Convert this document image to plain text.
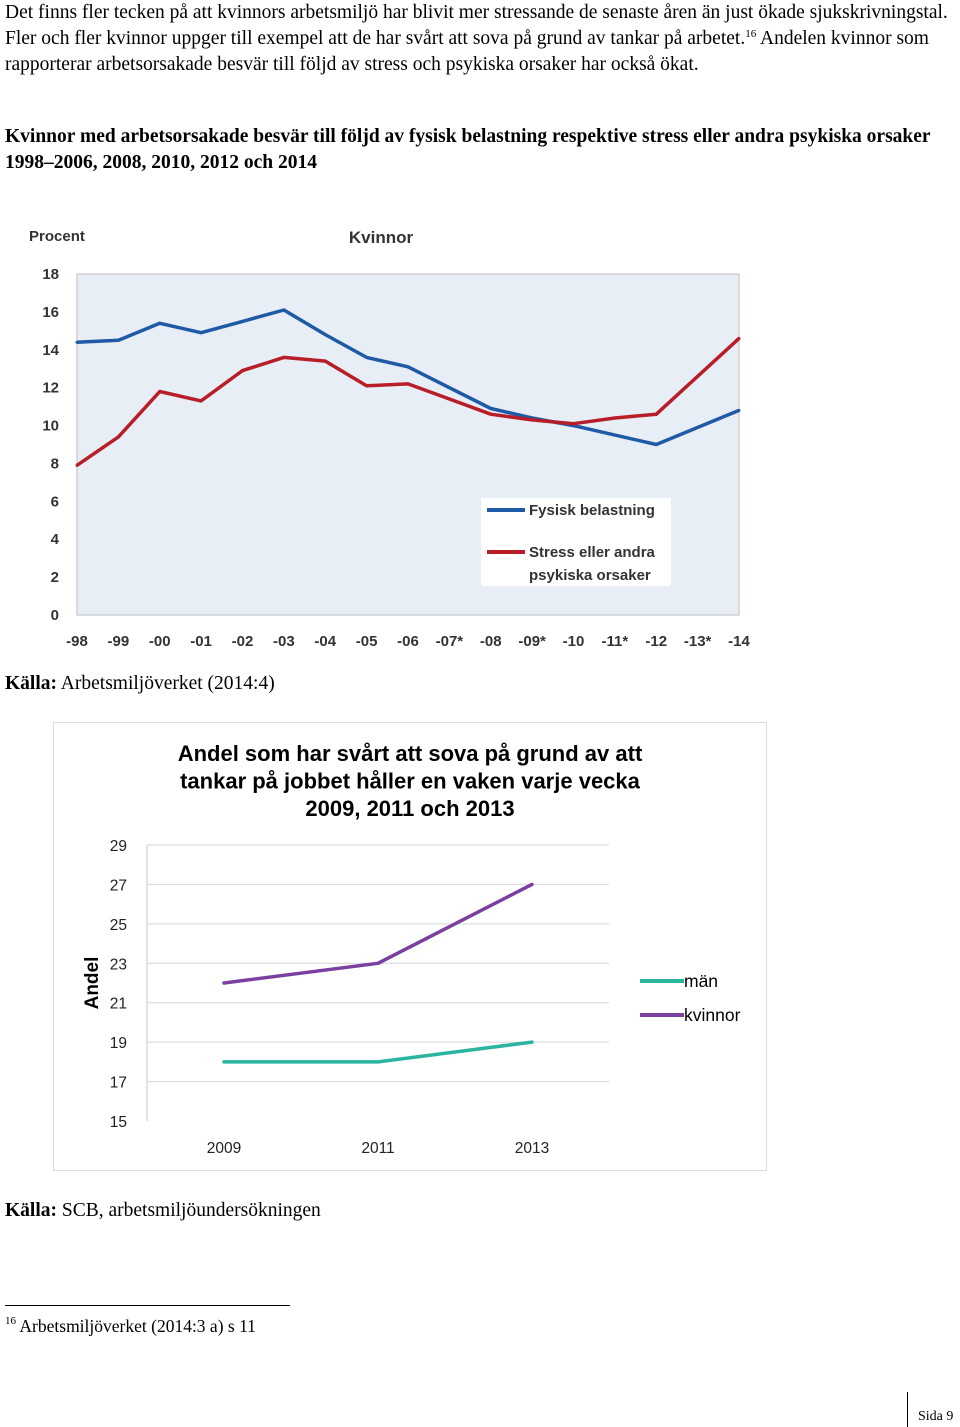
Det finns fler tecken på att kvinnors arbetsmiljö har blivit mer stressande de senaste åren än just ökade sjukskrivningstal. Fler och fler kvinnor uppger till exempel att de har svårt att sova på grund av tankar på arbetet.$^{16}$ Andelen kvinnor som rapporterar arbetsorsakade besvär till följd av stress och psykiska orsaker har också ökat.
Kvinnor med arbetsorsakade besvär till följd av fysisk belastning respektive stress eller andra psykiska orsaker 1998–2006, 2008, 2010, 2012 och 2014
Procent	Kvinnor
0
2
4
6
8
10
12
14
16
18
-98 -99 -00 -01 -02 -03 -04 -05 -06 -07* -08 -09* -10 -11* -12 -13* -14
Fysisk belastning
Stress eller andra
psykiska orsaker
Källa: Arbetsmiljöverket (2014:4)
Andel som har svårt att sova på grund av att
tankar på jobbet håller en vaken varje vecka
2009, 2011 och 2013
15
17
19
21
23
25
27
29
Andel
2009	2011	2013
män
kvinnor
Källa: SCB, arbetsmiljöundersökningen
$^{16}$ Arbetsmiljöverket (2014:3 a) s 11
Sida 9
